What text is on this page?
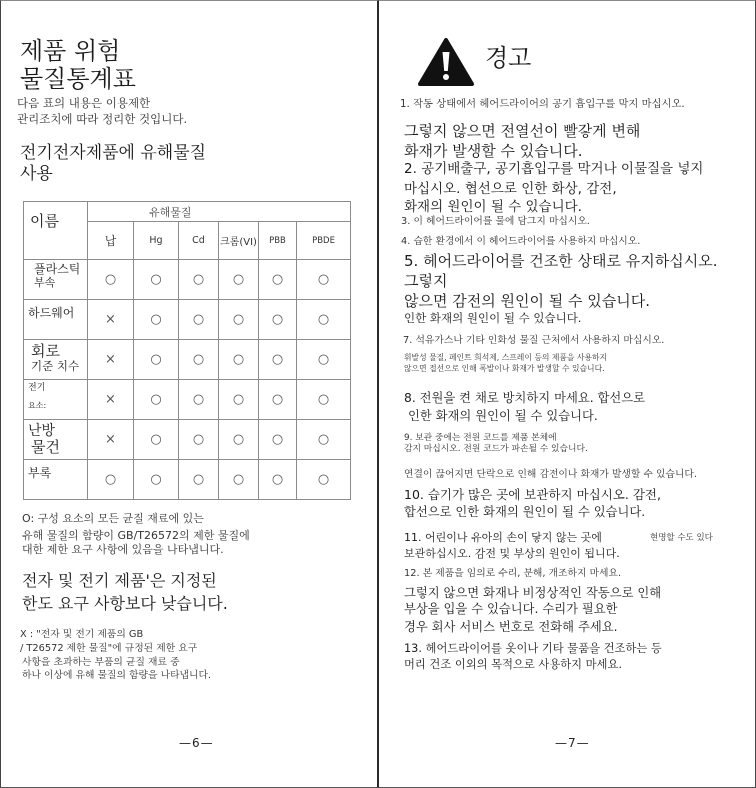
제품 위험
물질통계표
다음 표의 내용은 이용제한
관리조치에 따라 정리한 것입니다.
전기전자제품에 유해물질
사용
이름	유해물질					
	납	Hg	Cd	크롬(VI)	PBB	PBDE

플라스틱
부속	○	○	○	○	○	○

하드웨어	×	○	○	○	○	○

회로
기준 치수	×	○	○	○	○	○

전기
요소:	×	○	○	○	○	○

난방
물건	×	○	○	○	○	○

부록	○	○	○	○	○	○
O: 구성 요소의 모든 균질 재료에 있는
유해 물질의 함량이 GB/T26572의 제한 물질에
대한 제한 요구 사항에 있음을 나타냅니다.
전자 및 전기 제품'은 지정된
한도 요구 사항보다 낮습니다.
X : "전자 및 전기 제품의 GB
/ T26572 제한 물질"에 규정된 제한 요구
사항을 초과하는 부품의 균질 재료 중
하나 이상에 유해 물질의 함량을 나타냅니다.
—6—
경고
1. 작동 상태에서 헤어드라이어의 공기 흡입구를 막지 마십시오.
그렇지 않으면 전열선이 빨갛게 변해
화재가 발생할 수 있습니다.
2. 공기배출구, 공기흡입구를 막거나 이물질을 넣지
마십시오. 협선으로 인한 화상, 감전,
화재의 원인이 될 수 있습니다.
3. 이 헤어드라이어를 물에 담그지 마십시오.
4. 습한 환경에서 이 헤어드라이어를 사용하지 마십시오.
5. 헤어드라이어를 건조한 상태로 유지하십시오.
그렇지
않으면 감전의 원인이 될 수 있습니다.
인한 화재의 원인이 될 수 있습니다.
7. 석유가스나 기타 인화성 물질 근처에서 사용하지 마십시오.
휘발성 물질, 페인트 희석제, 스프레이 등의 제품을 사용하지
않으면 접선으로 인해 폭발이나 화재가 발생할 수 있습니다.
8. 전원을 켠 채로 방치하지 마세요. 합선으로
인한 화재의 원인이 될 수 있습니다.
9. 보관 중에는 전원 코드를 제품 본체에
감지 마십시오. 전원 코드가 파손될 수 있습니다.
연결이 끊어지면 단락으로 인해 감전이나 화재가 발생할 수 있습니다.
10. 습기가 많은 곳에 보관하지 마십시오. 감전,
합선으로 인한 화재의 원인이 될 수 있습니다.
11. 어린이나 유아의 손이 닿지 않는 곳에
보관하십시오. 감전 및 부상의 원인이 됩니다.
현명할 수도 있다
12. 본 제품을 임의로 수리, 분해, 개조하지 마세요.
그렇지 않으면 화재나 비정상적인 작동으로 인해
부상을 입을 수 있습니다. 수리가 필요한
경우 회사 서비스 번호로 전화해 주세요.
13. 헤어드라이어를 옷이나 기타 물품을 건조하는 등
머리 건조 이외의 목적으로 사용하지 마세요.
—7—
